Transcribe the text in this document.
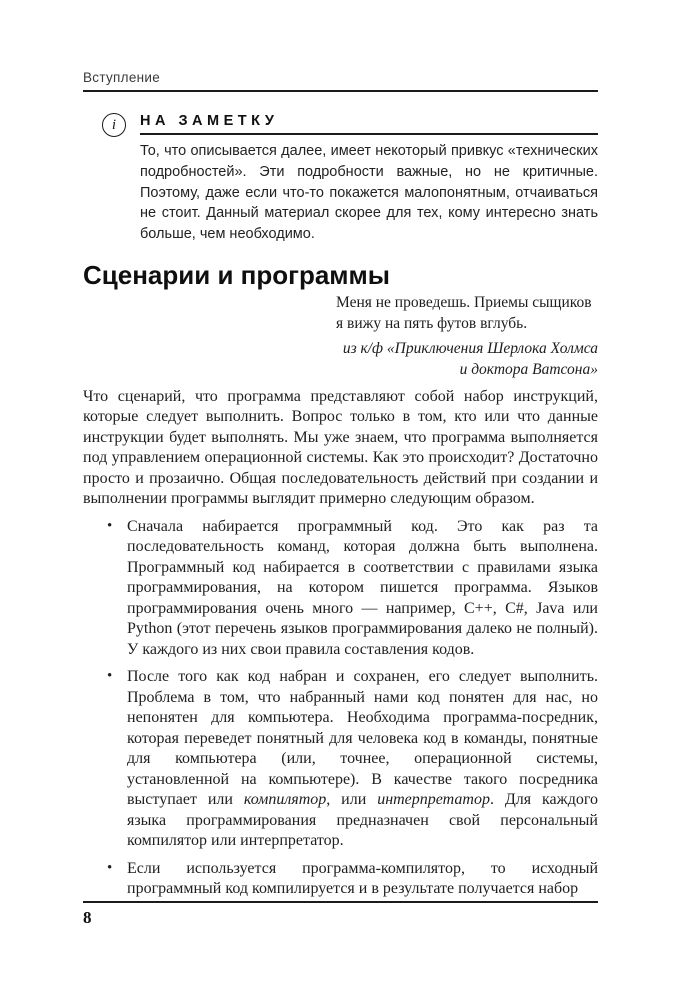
Вступление
i НА ЗАМЕТКУ
То, что описывается далее, имеет некоторый привкус «технических подробностей». Эти подробности важные, но не критичные. Поэтому, даже если что-то покажется малопонятным, отчаиваться не стоит. Данный материал скорее для тех, кому интересно знать больше, чем необходимо.
Сценарии и программы
Меня не проведешь. Приемы сыщиков
я вижу на пять футов вглубь.
из к/ф «Приключения Шерлока Холмса
и доктора Ватсона»

Что сценарий, что программа представляют собой набор инструкций, которые следует выполнить. Вопрос только в том, кто или что данные инструкции будет выполнять. Мы уже знаем, что программа выполняется под управлением операционной системы. Как это происходит? Достаточно просто и прозаично. Общая последовательность действий при создании и выполнении программы выглядит примерно следующим образом.

• Сначала набирается программный код. Это как раз та последовательность команд, которая должна быть выполнена. Программный код набирается в соответствии с правилами языка программирования, на котором пишется программа. Языков программирования очень много — например, C++, C#, Java или Python (этот перечень языков программирования далеко не полный). У каждого из них свои правила составления кодов.
• После того как код набран и сохранен, его следует выполнить. Проблема в том, что набранный нами код понятен для нас, но непонятен для компьютера. Необходима программа-посредник, которая переведет понятный для человека код в команды, понятные для компьютера (или, точнее, операционной системы, установленной на компьютере). В качестве такого посредника выступает или компилятор, или интерпретатор. Для каждого языка программирования предназначен свой персональный компилятор или интерпретатор.
• Если используется программа-компилятор, то исходный программный код компилируется и в результате получается набор
8
